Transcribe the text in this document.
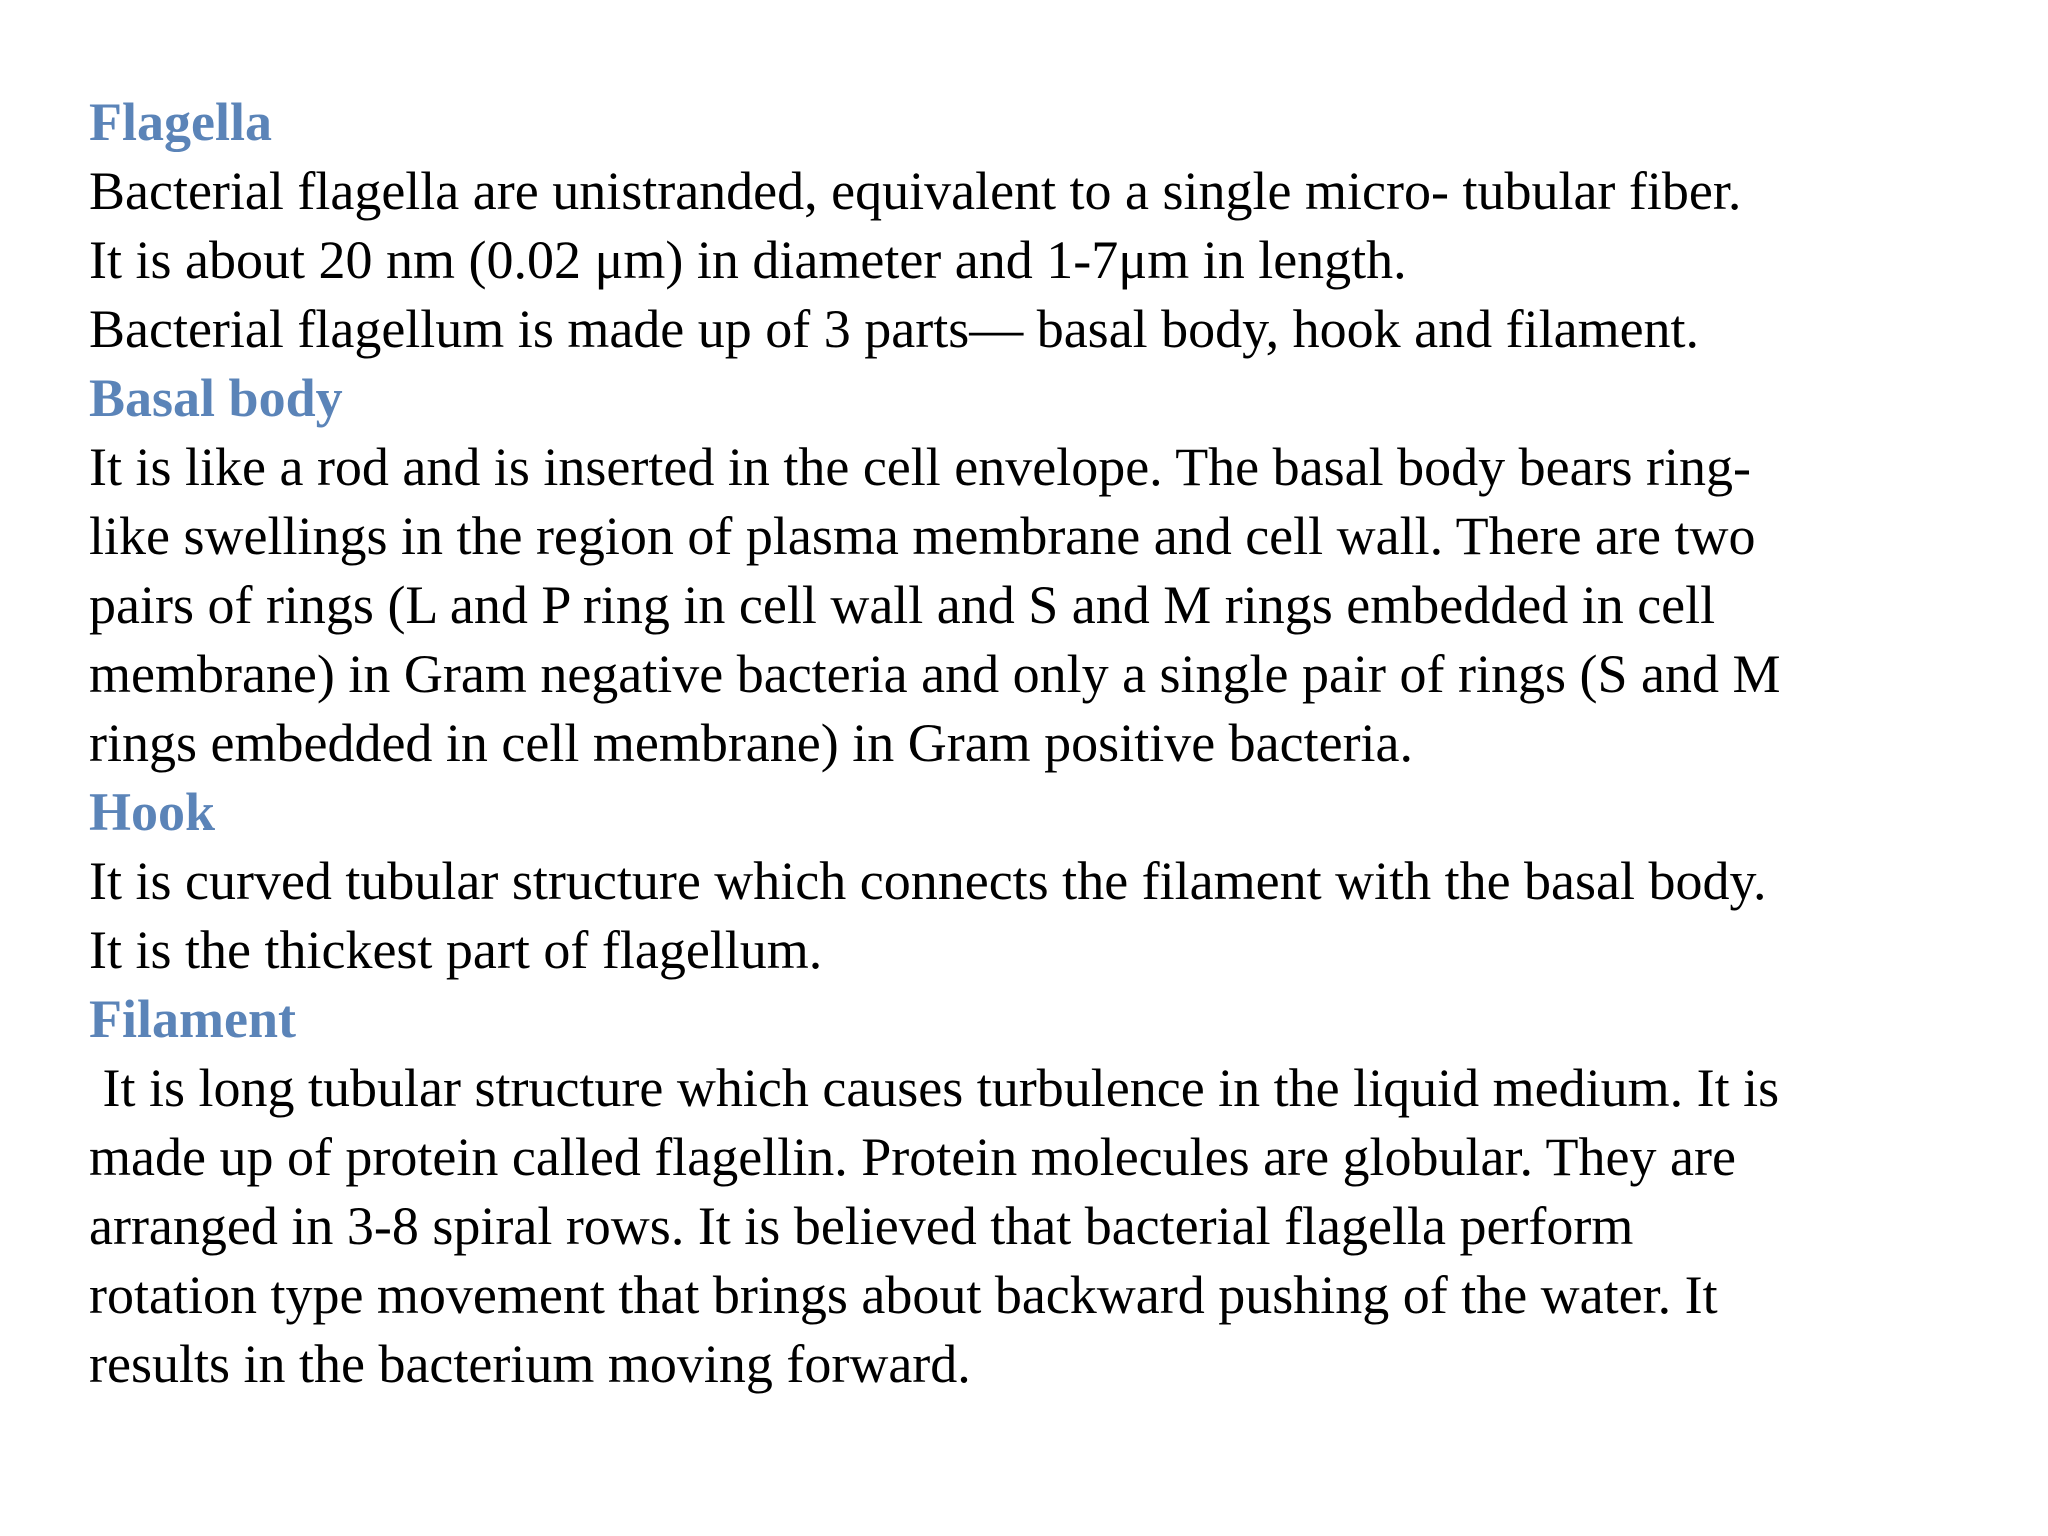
Flagella
Bacterial flagella are unistranded, equivalent to a single micro- tubular fiber.
It is about 20 nm (0.02 μm) in diameter and 1-7μm in length.
Bacterial flagellum is made up of 3 parts— basal body, hook and filament.
Basal body
It is like a rod and is inserted in the cell envelope. The basal body bears ring-
like swellings in the region of plasma membrane and cell wall. There are two
pairs of rings (L and P ring in cell wall and S and M rings embedded in cell
membrane) in Gram negative bacteria and only a single pair of rings (S and M
rings embedded in cell membrane) in Gram positive bacteria.
Hook
It is curved tubular structure which connects the filament with the basal body.
It is the thickest part of flagellum.
Filament
It is long tubular structure which causes turbulence in the liquid medium. It is
made up of protein called flagellin. Protein molecules are globular. They are
arranged in 3-8 spiral rows. It is believed that bacterial flagella perform
rotation type movement that brings about backward pushing of the water. It
results in the bacterium moving forward.
